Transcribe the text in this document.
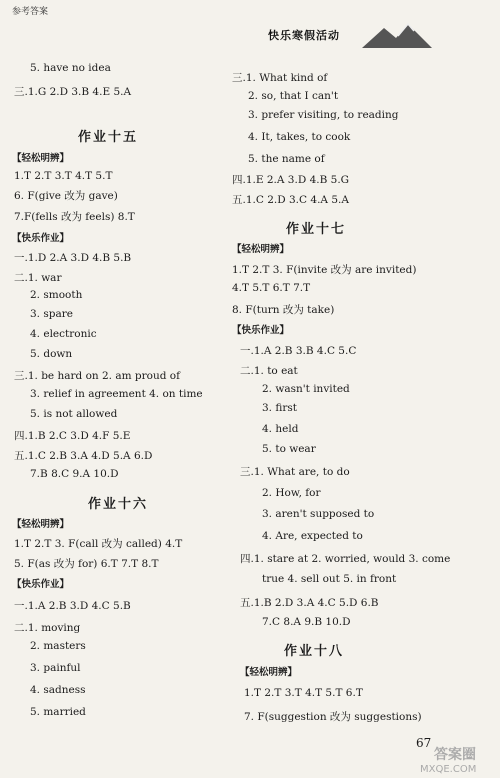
参考答案
快乐寒假活动
5. have no idea
三.1.G 2.D 3.B 4.E 5.A
作业十五
【轻松明辨】
1.T 2.T 3.T 4.T 5.T
6. F(give 改为 gave)
7.F(fells 改为 feels) 8.T
【快乐作业】
一.1.D 2.A 3.D 4.B 5.B
二.1. war
2. smooth
3. spare
4. electronic
5. down
三.1. be hard on 2. am proud of
3. relief in agreement 4. on time
5. is not allowed
四.1.B 2.C 3.D 4.F 5.E
五.1.C 2.B 3.A 4.D 5.A 6.D
7.B 8.C 9.A 10.D
作业十六
【轻松明辨】
1.T 2.T 3. F(call 改为 called) 4.T
5. F(as 改为 for) 6.T 7.T 8.T
【快乐作业】
一.1.A 2.B 3.D 4.C 5.B
二.1. moving
2. masters
3. painful
4. sadness
5. married
三.1. What kind of
2. so, that I can't
3. prefer visiting, to reading
4. It, takes, to cook
5. the name of
四.1.E 2.A 3.D 4.B 5.G
五.1.C 2.D 3.C 4.A 5.A
作业十七
【轻松明辨】
1.T 2.T 3. F(invite 改为 are invited)
4.T 5.T 6.T 7.T
8. F(turn 改为 take)
【快乐作业】
一.1.A 2.B 3.B 4.C 5.C
二.1. to eat
2. wasn't invited
3. first
4. held
5. to wear
三.1. What are, to do
2. How, for
3. aren't supposed to
4. Are, expected to
四.1. stare at 2. worried, would 3. come
true 4. sell out 5. in front
五.1.B 2.D 3.A 4.C 5.D 6.B
7.C 8.A 9.B 10.D
作业十八
【轻松明辨】
1.T 2.T 3.T 4.T 5.T 6.T
7. F(suggestion 改为 suggestions)
67
答案圈
MXQE.COM
